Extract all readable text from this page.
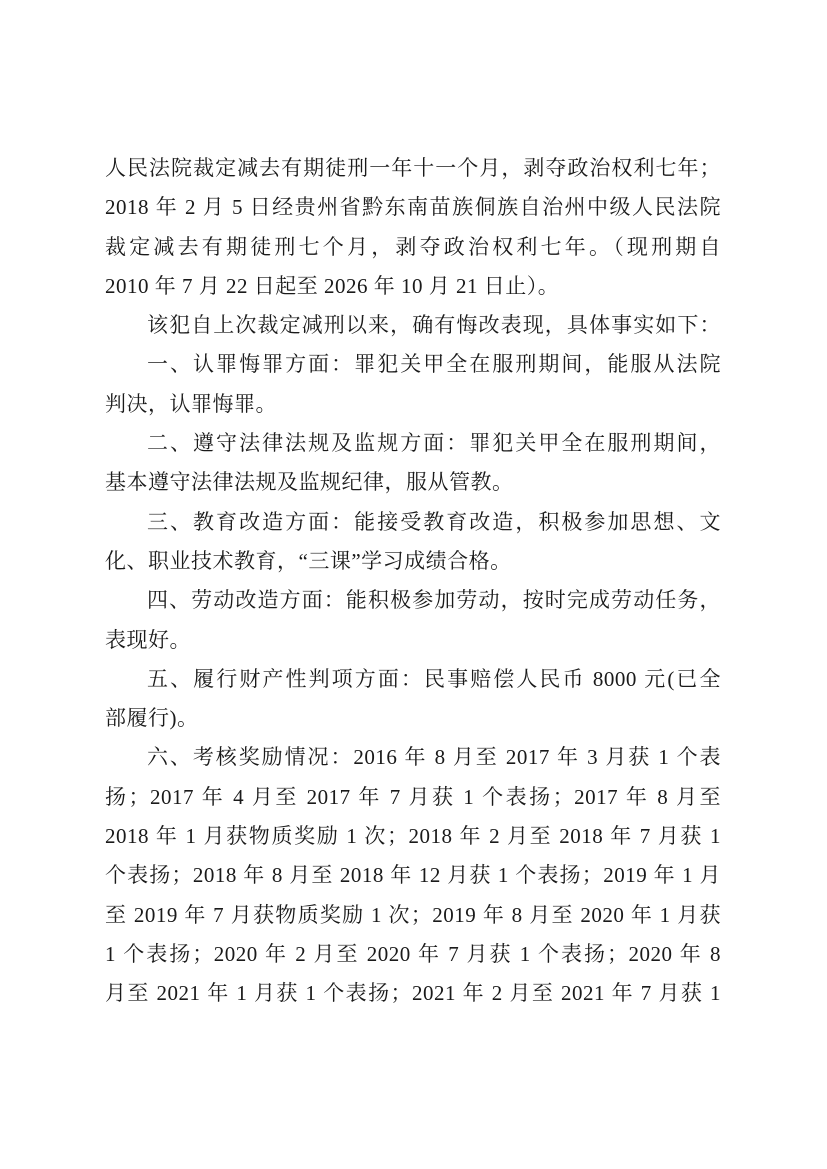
人民法院裁定减去有期徒刑一年十一个月，剥夺政治权利七年；
2018 年 2 月 5 日经贵州省黔东南苗族侗族自治州中级人民法院
裁定减去有期徒刑七个月，剥夺政治权利七年。（现刑期自
2010 年 7 月 22 日起至 2026 年 10 月 21 日止）。
该犯自上次裁定减刑以来，确有悔改表现，具体事实如下：
一、认罪悔罪方面：罪犯关甲全在服刑期间，能服从法院
判决，认罪悔罪。
二、遵守法律法规及监规方面：罪犯关甲全在服刑期间，
基本遵守法律法规及监规纪律，服从管教。
三、教育改造方面：能接受教育改造，积极参加思想、文
化、职业技术教育，“三课”学习成绩合格。
四、劳动改造方面：能积极参加劳动，按时完成劳动任务，
表现好。
五、履行财产性判项方面：民事赔偿人民币 8000 元(已全
部履行)。
六、考核奖励情况：2016 年 8 月至 2017 年 3 月获 1 个表
扬；2017 年 4 月至 2017 年 7 月获 1 个表扬；2017 年 8 月至
2018 年 1 月获物质奖励 1 次；2018 年 2 月至 2018 年 7 月获 1
个表扬；2018 年 8 月至 2018 年 12 月获 1 个表扬；2019 年 1 月
至 2019 年 7 月获物质奖励 1 次；2019 年 8 月至 2020 年 1 月获
1 个表扬；2020 年 2 月至 2020 年 7 月获 1 个表扬；2020 年 8
月至 2021 年 1 月获 1 个表扬；2021 年 2 月至 2021 年 7 月获 1
